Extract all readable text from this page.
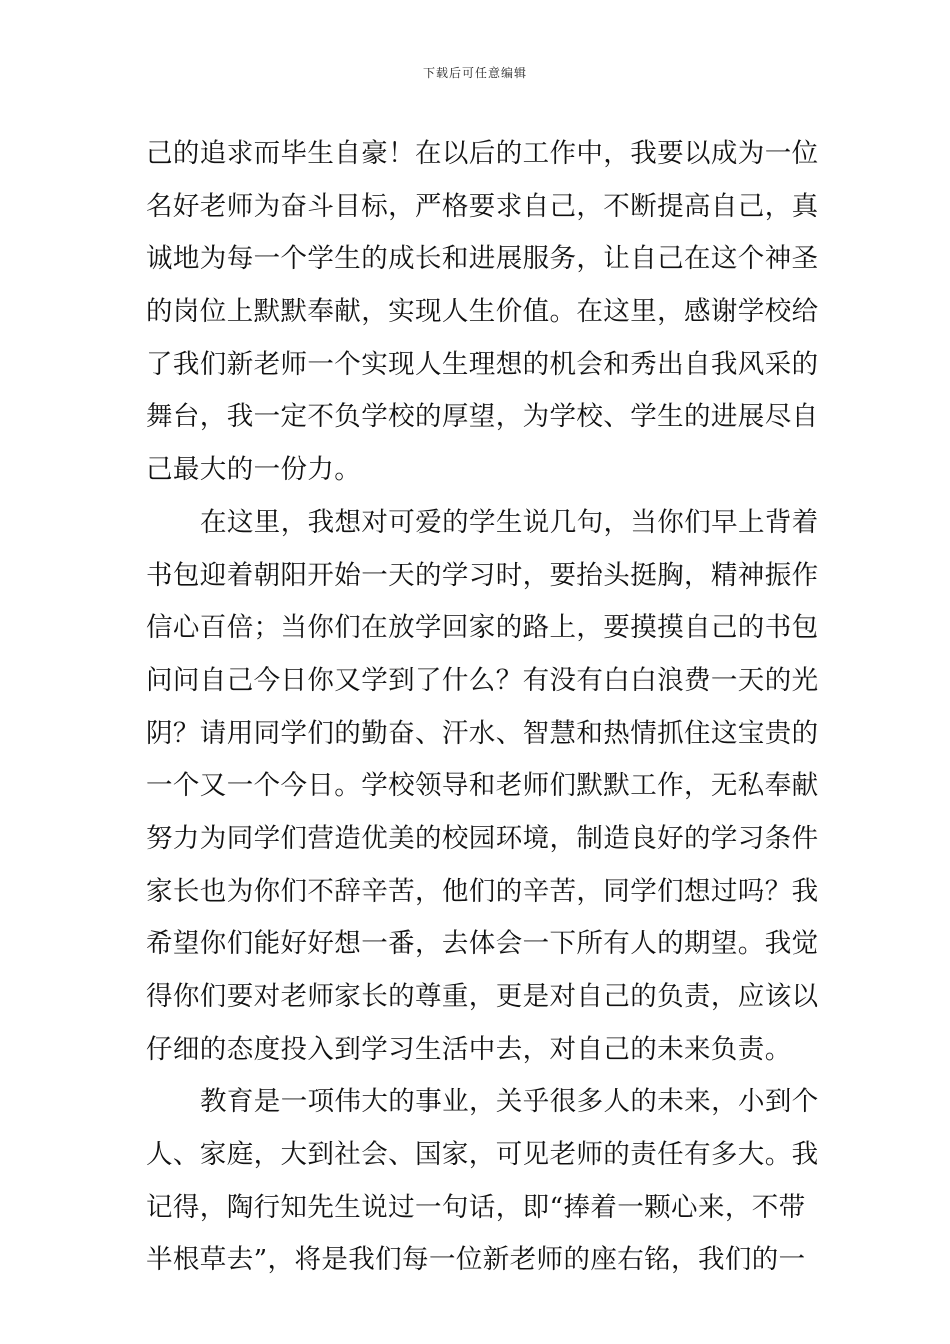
下载后可任意编辑
己的追求而毕生自豪！在以后的工作中，我要以成为一位
名好老师为奋斗目标，严格要求自己，不断提高自己，真
诚地为每一个学生的成长和进展服务，让自己在这个神圣
的岗位上默默奉献，实现人生价值。在这里，感谢学校给
了我们新老师一个实现人生理想的机会和秀出自我风采的
舞台，我一定不负学校的厚望，为学校、学生的进展尽自
己最大的一份力。
在这里，我想对可爱的学生说几句，当你们早上背着
书包迎着朝阳开始一天的学习时，要抬头挺胸，精神振作
信心百倍；当你们在放学回家的路上，要摸摸自己的书包
问问自己今日你又学到了什么？有没有白白浪费一天的光
阴？请用同学们的勤奋、汗水、智慧和热情抓住这宝贵的
一个又一个今日。学校领导和老师们默默工作，无私奉献
努力为同学们营造优美的校园环境，制造良好的学习条件
家长也为你们不辞辛苦，他们的辛苦，同学们想过吗？我
希望你们能好好想一番，去体会一下所有人的期望。我觉
得你们要对老师家长的尊重，更是对自己的负责，应该以
仔细的态度投入到学习生活中去，对自己的未来负责。
教育是一项伟大的事业，关乎很多人的未来，小到个
人、家庭，大到社会、国家，可见老师的责任有多大。我
记得，陶行知先生说过一句话，即“捧着一颗心来，不带
半根草去”，将是我们每一位新老师的座右铭，我们的一
